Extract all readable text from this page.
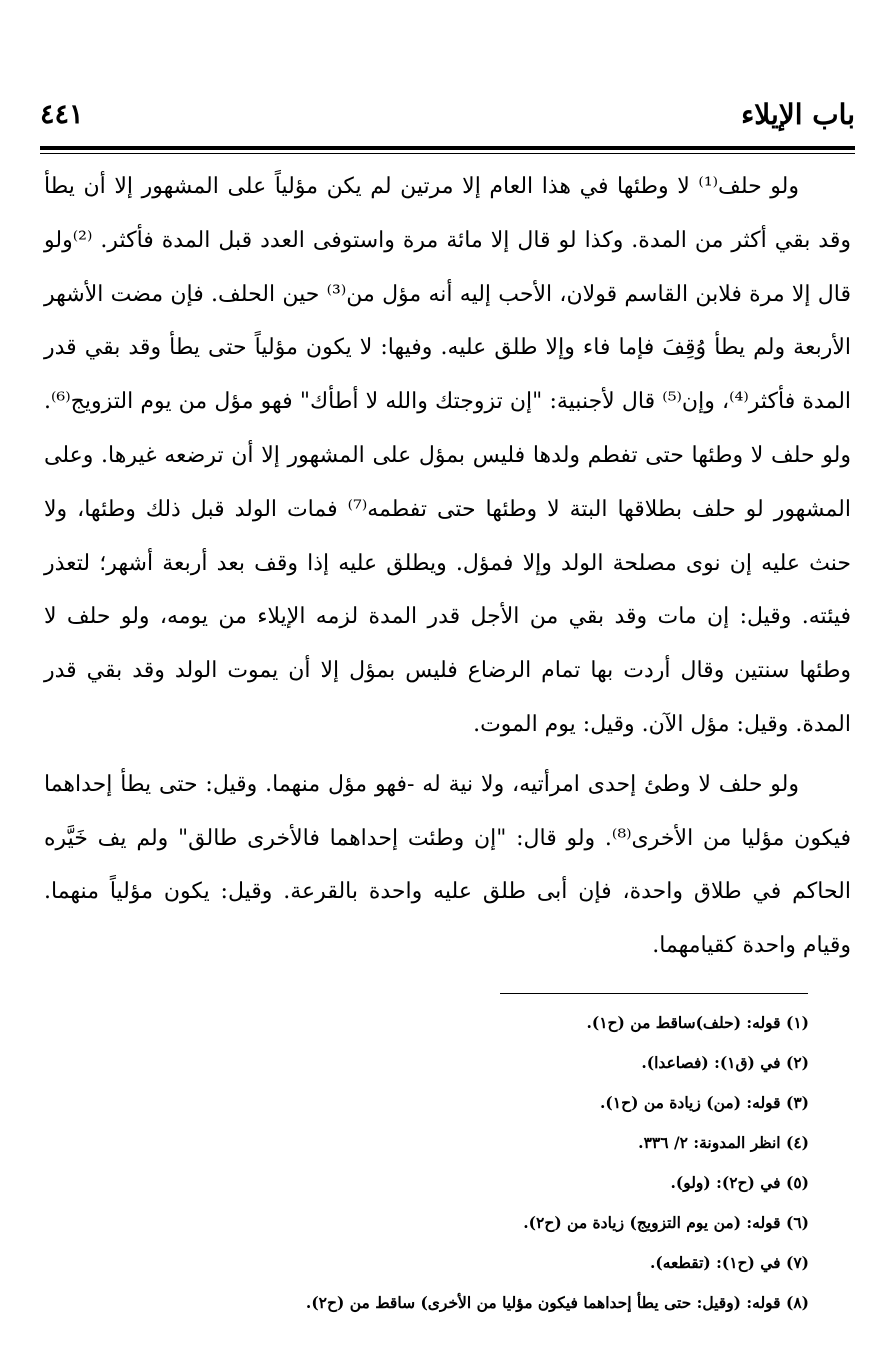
باب الإيلاء
٤٤١

ولو حلف⁽¹⁾ لا وطئها في هذا العام إلا مرتين لم يكن مؤلياً على المشهور إلا أن يطأ وقد بقي أكثر من المدة. وكذا لو قال إلا مائة مرة واستوفى العدد قبل المدة فأكثر. ⁽²⁾ولو قال إلا مرة فلابن القاسم قولان، الأحب إليه أنه مؤل من⁽³⁾ حين الحلف. فإن مضت الأشهر الأربعة ولم يطأ وُقِفَ فإما فاء وإلا طلق عليه. وفيها: لا يكون مؤلياً حتى يطأ وقد بقي قدر المدة فأكثر⁽⁴⁾، وإن⁽⁵⁾ قال لأجنبية: "إن تزوجتك والله لا أطأك" فهو مؤل من يوم التزويج⁽⁶⁾. ولو حلف لا وطئها حتى تفطم ولدها فليس بمؤل على المشهور إلا أن ترضعه غيرها. وعلى المشهور لو حلف بطلاقها البتة لا وطئها حتى تفطمه⁽⁷⁾ فمات الولد قبل ذلك وطئها، ولا حنث عليه إن نوى مصلحة الولد وإلا فمؤل. ويطلق عليه إذا وقف بعد أربعة أشهر؛ لتعذر فيئته. وقيل: إن مات وقد بقي من الأجل قدر المدة لزمه الإيلاء من يومه، ولو حلف لا وطئها سنتين وقال أردت بها تمام الرضاع فليس بمؤل إلا أن يموت الولد وقد بقي قدر المدة. وقيل: مؤل الآن. وقيل: يوم الموت.

ولو حلف لا وطئ إحدى امرأتيه، ولا نية له -فهو مؤل منهما. وقيل: حتى يطأ إحداهما فيكون مؤليا من الأخرى⁽⁸⁾. ولو قال: "إن وطئت إحداهما فالأخرى طالق" ولم يف خَيَّره الحاكم في طلاق واحدة، فإن أبى طلق عليه واحدة بالقرعة. وقيل: يكون مؤلياً منهما. وقيام واحدة كقيامهما.

(١) قوله: (حلف)ساقط من (ح١).
(٢) في (ق١): (فصاعدا).
(٣) قوله: (من) زيادة من (ح١).
(٤) انظر المدونة: ٢/ ٣٣٦.
(٥) في (ح٢): (ولو).
(٦) قوله: (من يوم التزويج) زيادة من (ح٢).
(٧) في (ح١): (تقطعه).
(٨) قوله: (وقيل: حتى يطأ إحداهما فيكون مؤليا من الأخرى) ساقط من (ح٢).
